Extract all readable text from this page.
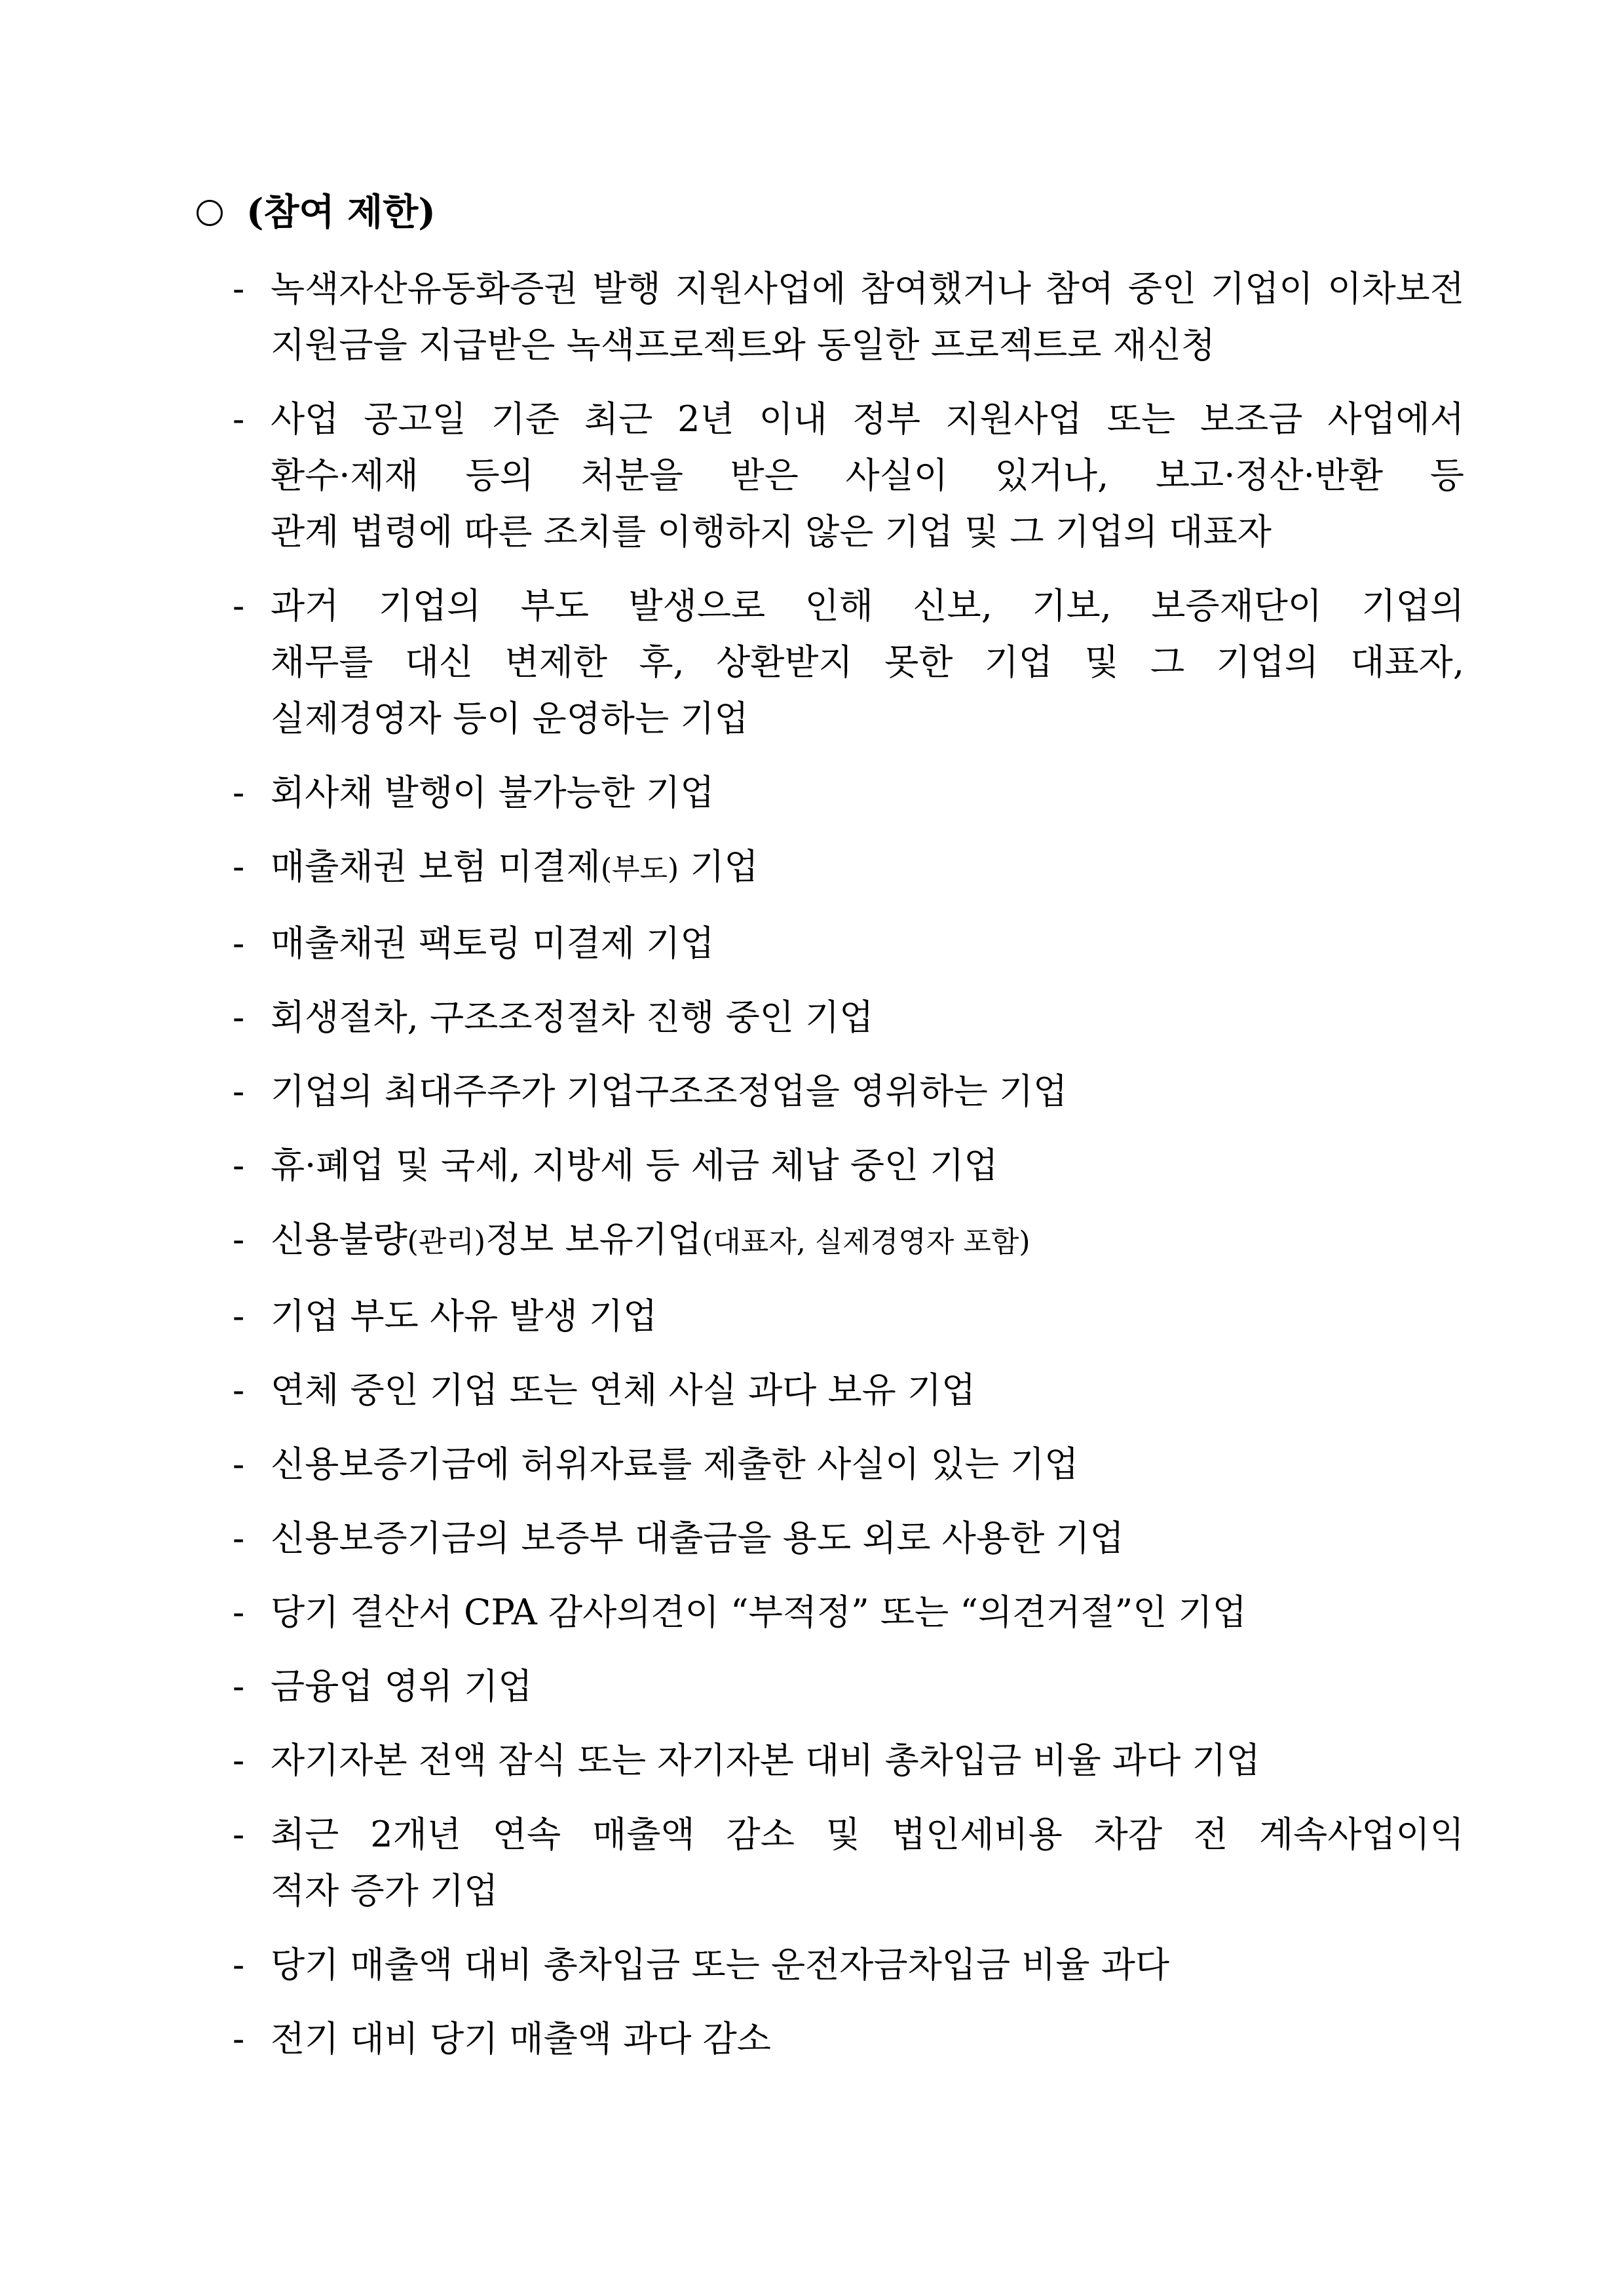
(참여 제한)
- 녹색자산유동화증권 발행 지원사업에 참여했거나 참여 중인 기업이 이차보전
지원금을 지급받은 녹색프로젝트와 동일한 프로젝트로 재신청
- 사업 공고일 기준 최근 2년 이내 정부 지원사업 또는 보조금 사업에서
환수·제재 등의 처분을 받은 사실이 있거나, 보고·정산·반환 등
관계 법령에 따른 조치를 이행하지 않은 기업 및 그 기업의 대표자
- 과거 기업의 부도 발생으로 인해 신보, 기보, 보증재단이 기업의
채무를 대신 변제한 후, 상환받지 못한 기업 및 그 기업의 대표자,
실제경영자 등이 운영하는 기업
- 회사채 발행이 불가능한 기업
- 매출채권 보험 미결제(부도) 기업
- 매출채권 팩토링 미결제 기업
- 회생절차, 구조조정절차 진행 중인 기업
- 기업의 최대주주가 기업구조조정업을 영위하는 기업
- 휴·폐업 및 국세, 지방세 등 세금 체납 중인 기업
- 신용불량(관리)정보 보유기업(대표자, 실제경영자 포함)
- 기업 부도 사유 발생 기업
- 연체 중인 기업 또는 연체 사실 과다 보유 기업
- 신용보증기금에 허위자료를 제출한 사실이 있는 기업
- 신용보증기금의 보증부 대출금을 용도 외로 사용한 기업
- 당기 결산서 CPA 감사의견이 “부적정” 또는 “의견거절”인 기업
- 금융업 영위 기업
- 자기자본 전액 잠식 또는 자기자본 대비 총차입금 비율 과다 기업
- 최근 2개년 연속 매출액 감소 및 법인세비용 차감 전 계속사업이익
적자 증가 기업
- 당기 매출액 대비 총차입금 또는 운전자금차입금 비율 과다
- 전기 대비 당기 매출액 과다 감소
